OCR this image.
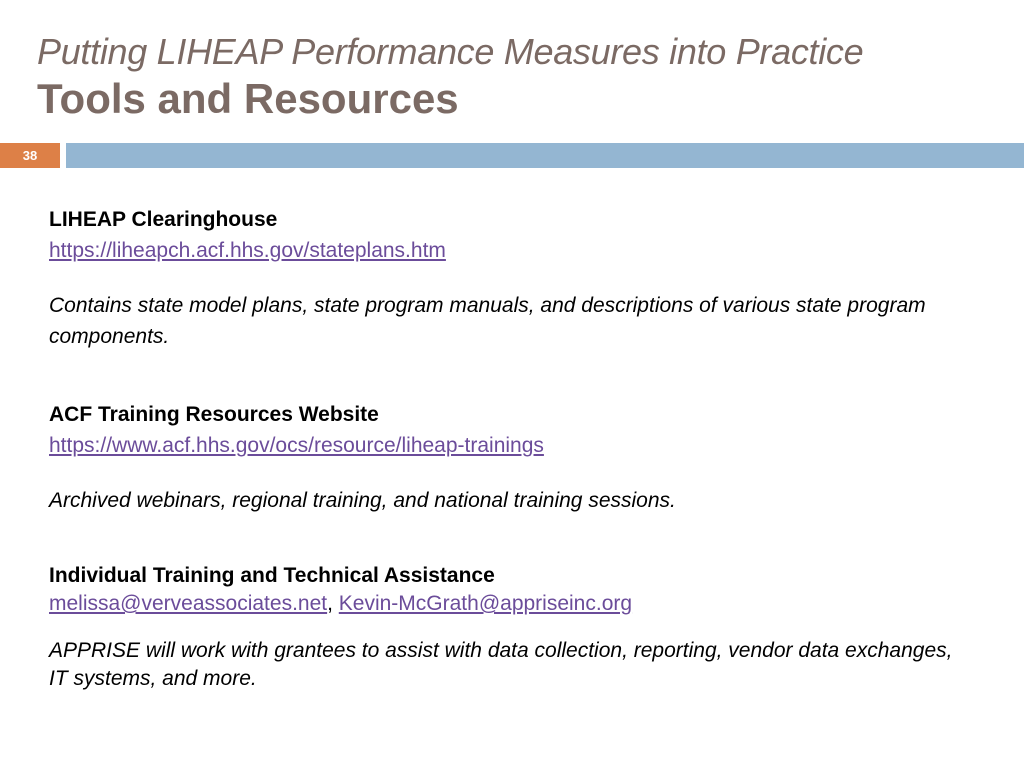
Putting LIHEAP Performance Measures into Practice
Tools and Resources
38
LIHEAP Clearinghouse
https://liheapch.acf.hhs.gov/stateplans.htm
Contains state model plans, state program manuals, and descriptions of various state program components.
ACF Training Resources Website
https://www.acf.hhs.gov/ocs/resource/liheap-trainings
Archived webinars, regional training, and national training sessions.
Individual Training and Technical Assistance
melissa@verveassociates.net, Kevin-McGrath@appriseinc.org
APPRISE will work with grantees to assist with data collection, reporting, vendor data exchanges, IT systems, and more.
